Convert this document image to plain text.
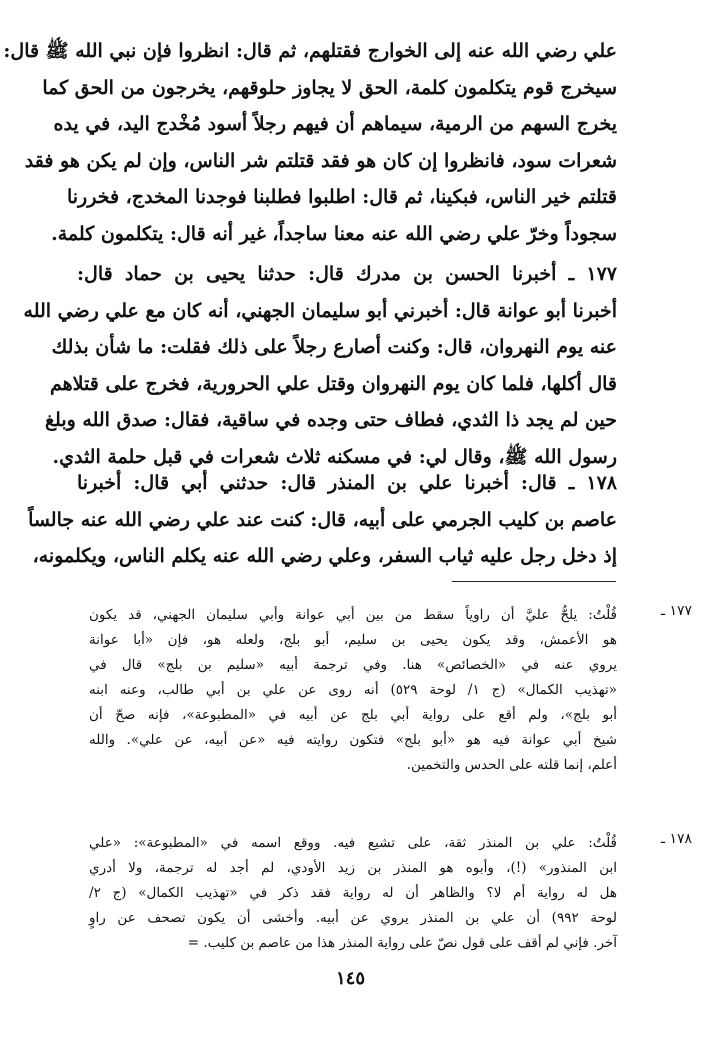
علي رضي الله عنه إلى الخوارج فقتلهم، ثم قال: انظروا فإن نبي الله ﷺ قال:
سيخرج قوم يتكلمون كلمة، الحق لا يجاوز حلوقهم، يخرجون من الحق كما
يخرج السهم من الرمية، سيماهم أن فيهم رجلاً أسود مُخْدج اليد، في يده
شعرات سود، فانظروا إن كان هو فقد قتلتم شر الناس، وإن لم يكن هو فقد
قتلتم خير الناس، فبكينا، ثم قال: اطلبوا فطلبنا فوجدنا المخدج، فخررنا
سجوداً وخرّ علي رضي الله عنه معنا ساجداً، غير أنه قال: يتكلمون كلمة.
١٧٧ ـ أخبرنا الحسن بن مدرك قال: حدثنا يحيى بن حماد قال:
أخبرنا أبو عوانة قال: أخبرني أبو سليمان الجهني، أنه كان مع علي رضي الله
عنه يوم النهروان، قال: وكنت أصارع رجلاً على ذلك فقلت: ما شأن بذلك
قال أكلها، فلما كان يوم النهروان وقتل علي الحرورية، فخرج على قتلاهم
حين لم يجد ذا الثدي، فطاف حتى وجده في ساقية، فقال: صدق الله وبلغ
رسول الله ﷺ، وقال لي: في مسكنه ثلاث شعرات في قبل حلمة الثدي.
١٧٨ ـ قال: أخبرنا علي بن المنذر قال: حدثني أبي قال: أخبرنا
عاصم بن كليب الجرمي على أبيه، قال: كنت عند علي رضي الله عنه جالساً
إذ دخل رجل عليه ثياب السفر، وعلي رضي الله عنه يكلم الناس، ويكلمونه،
١٧٧ ـ
قُلْتُ: يلحُّ عليَّ أن راوياً سقط من بين أبي عوانة وأبي سليمان الجهني، قد يكون
هو الأعمش، وقد يكون يحيى بن سليم، أبو بلج، ولعله هو، فإن «أبا عوانة
يروي عنه في «الخصائص» هنا. وفي ترجمة أبيه «سليم بن بلج» قال في
«تهذيب الكمال» (ج ١/ لوحة ٥٢٩) أنه روى عن علي بن أبي طالب، وعنه ابنه
أبو بلج»، ولم أقع على رواية أبي بلج عن أبيه في «المطبوعة»، فإنه صحّ أن
شيخ أبي عوانة فيه هو «أبو بلج» فتكون روايته فيه «عن أبيه، عن علي». والله
أعلم، إنما قلته على الحدس والتخمين.
١٧٨ ـ
قُلْتُ: علي بن المنذر ثقة، على تشيع فيه. ووقع اسمه في «المطبوعة»: «علي
ابن المنذور» (!)، وأبوه هو المنذر بن زيد الأودي، لم أجد له ترجمة، ولا أدري
هل له رواية أم لا؟ والظاهر أن له رواية فقد ذكر في «تهذيب الكمال» (ج ٢/
لوحة ٩٩٢) أن علي بن المنذر يروي عن أبيه. وأخشى أن يكون تصحف عن راوٍ
آخر. فإني لم أقف على قول نصّ على رواية المنذر هذا من عاصم بن كليب. =
١٤٥
